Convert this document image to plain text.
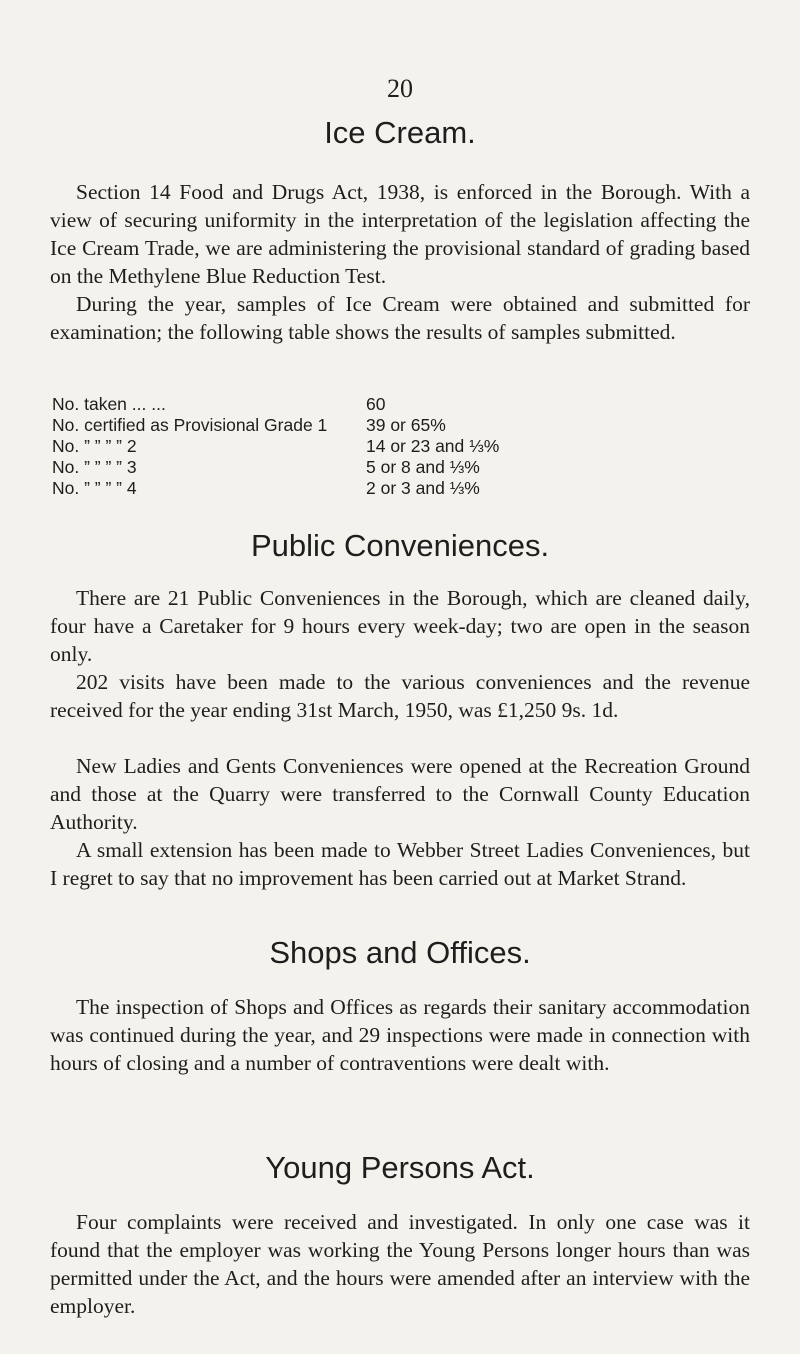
20
Ice Cream.

Section 14 Food and Drugs Act, 1938, is enforced in the Borough. With a view of securing uniformity in the interpretation of the legislation affecting the Ice Cream Trade, we are administering the provisional standard of grading based on the Methylene Blue Reduction Test.

During the year, samples of Ice Cream were obtained and submitted for examination; the following table shows the results of samples submitted.

No. taken ... ...	60
No. certified as Provisional Grade 1	39 or 65%
No. ” ” ” ” 2	14 or 23 and ⅓%
No. ” ” ” ” 3	5 or 8 and ⅓%
No. ” ” ” ” 4	2 or 3 and ⅓%
Public Conveniences.

There are 21 Public Conveniences in the Borough, which are cleaned daily, four have a Caretaker for 9 hours every week-day; two are open in the season only.

202 visits have been made to the various conveniences and the revenue received for the year ending 31st March, 1950, was £1,250 9s. 1d.

New Ladies and Gents Conveniences were opened at the Recreation Ground and those at the Quarry were transferred to the Cornwall County Education Authority.

A small extension has been made to Webber Street Ladies Conveniences, but I regret to say that no improvement has been carried out at Market Strand.

Shops and Offices.

The inspection of Shops and Offices as regards their sanitary accommodation was continued during the year, and 29 inspections were made in connection with hours of closing and a number of contraventions were dealt with.

Young Persons Act.

Four complaints were received and investigated. In only one case was it found that the employer was working the Young Persons longer hours than was permitted under the Act, and the hours were amended after an interview with the employer.
